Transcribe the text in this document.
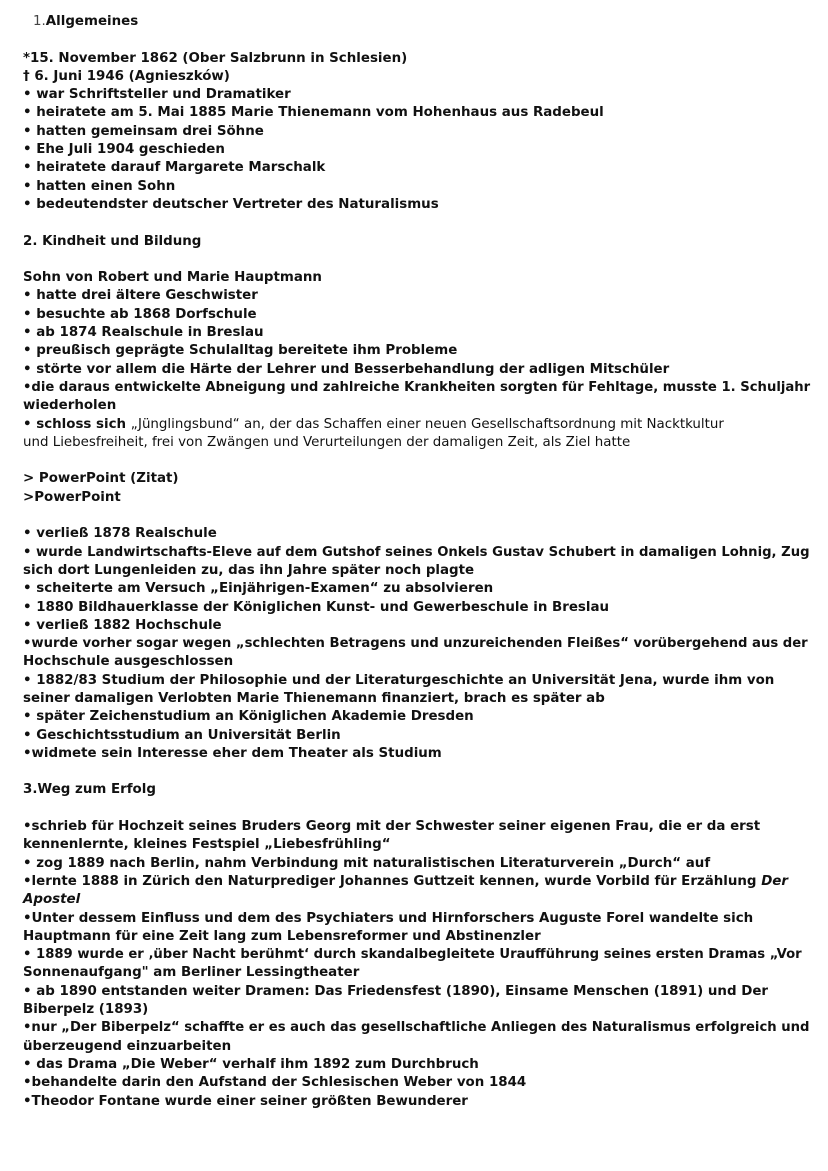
1.Allgemeines

*15. November 1862 (Ober Salzbrunn in Schlesien)

† 6. Juni 1946 (Agnieszków)

• war Schriftsteller und Dramatiker

• heiratete am 5. Mai 1885 Marie Thienemann vom Hohenhaus aus Radebeul

• hatten gemeinsam drei Söhne

• Ehe Juli 1904 geschieden

• heiratete darauf Margarete Marschalk

• hatten einen Sohn

• bedeutendster deutscher Vertreter des Naturalismus

2. Kindheit und Bildung

Sohn von Robert und Marie Hauptmann

• hatte drei ältere Geschwister

• besuchte ab 1868 Dorfschule

• ab 1874 Realschule in Breslau

• preußisch geprägte Schulalltag bereitete ihm Probleme

• störte vor allem die Härte der Lehrer und Besserbehandlung der adligen Mitschüler

•die daraus entwickelte Abneigung und zahlreiche Krankheiten sorgten für Fehltage, musste 1. Schuljahr

wiederholen

• schloss sich „Jünglingsbund“ an, der das Schaffen einer neuen Gesellschaftsordnung mit Nacktkultur

und Liebesfreiheit, frei von Zwängen und Verurteilungen der damaligen Zeit, als Ziel hatte

> PowerPoint (Zitat)

>PowerPoint

• verließ 1878 Realschule

• wurde Landwirtschafts-Eleve auf dem Gutshof seines Onkels Gustav Schubert in damaligen Lohnig, Zug

sich dort Lungenleiden zu, das ihn Jahre später noch plagte

• scheiterte am Versuch „Einjährigen-Examen“ zu absolvieren

• 1880 Bildhauerklasse der Königlichen Kunst- und Gewerbeschule in Breslau

• verließ 1882 Hochschule

•wurde vorher sogar wegen „schlechten Betragens und unzureichenden Fleißes“ vorübergehend aus der

Hochschule ausgeschlossen

• 1882/83 Studium der Philosophie und der Literaturgeschichte an Universität Jena, wurde ihm von

seiner damaligen Verlobten Marie Thienemann finanziert, brach es später ab

• später Zeichenstudium an Königlichen Akademie Dresden

• Geschichtsstudium an Universität Berlin

•widmete sein Interesse eher dem Theater als Studium

3.Weg zum Erfolg

•schrieb für Hochzeit seines Bruders Georg mit der Schwester seiner eigenen Frau, die er da erst

kennenlernte, kleines Festspiel „Liebesfrühling“

• zog 1889 nach Berlin, nahm Verbindung mit naturalistischen Literaturverein „Durch“ auf

•lernte 1888 in Zürich den Naturprediger Johannes Guttzeit kennen, wurde Vorbild für Erzählung Der

Apostel

•Unter dessem Einfluss und dem des Psychiaters und Hirnforschers Auguste Forel wandelte sich

Hauptmann für eine Zeit lang zum Lebensreformer und Abstinenzler

• 1889 wurde er ‚über Nacht berühmt‘ durch skandalbegleitete Uraufführung seines ersten Dramas „Vor

Sonnenaufgang" am Berliner Lessingtheater

• ab 1890 entstanden weiter Dramen: Das Friedensfest (1890), Einsame Menschen (1891) und Der

Biberpelz (1893)

•nur „Der Biberpelz“ schaffte er es auch das gesellschaftliche Anliegen des Naturalismus erfolgreich und

überzeugend einzuarbeiten

• das Drama „Die Weber“ verhalf ihm 1892 zum Durchbruch

•behandelte darin den Aufstand der Schlesischen Weber von 1844

•Theodor Fontane wurde einer seiner größten Bewunderer
